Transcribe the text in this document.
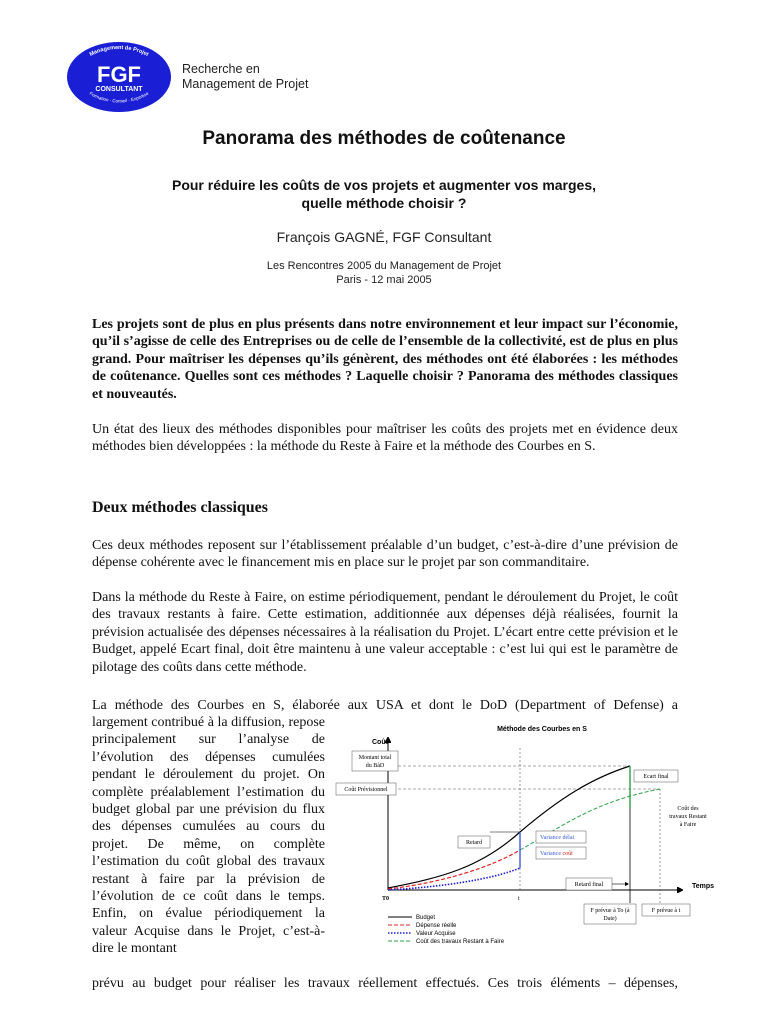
Management de Projet
Formation · Conseil · Expertise
FGF
CONSULTANT
Recherche en
Management de Projet
Panorama des méthodes de coûtenance
Pour réduire les coûts de vos projets et augmenter vos marges,
quelle méthode choisir ?
François GAGNÉ, FGF Consultant
Les Rencontres 2005 du Management de Projet
Paris - 12 mai 2005
Les projets sont de plus en plus présents dans notre environnement et leur impact sur l’économie, qu’il s’agisse de celle des Entreprises ou de celle de l’ensemble de la collectivité, est de plus en plus grand. Pour maîtriser les dépenses qu’ils génèrent, des méthodes ont été élaborées : les méthodes de coûtenance. Quelles sont ces méthodes ? Laquelle choisir ? Panorama des méthodes classiques et nouveautés.
Un état des lieux des méthodes disponibles pour maîtriser les coûts des projets met en évidence deux méthodes bien développées : la méthode du Reste à Faire et la méthode des Courbes en S.
Deux méthodes classiques
Ces deux méthodes reposent sur l’établissement préalable d’un budget, c’est-à-dire d’une prévision de dépense cohérente avec le financement mis en place sur le projet par son commanditaire.
Dans la méthode du Reste à Faire, on estime périodiquement, pendant le déroulement du Projet, le coût des travaux restants à faire. Cette estimation, additionnée aux dépenses déjà réalisées, fournit la prévision actualisée des dépenses nécessaires à la réalisation du Projet. L’écart entre cette prévision et le Budget, appelé Ecart final, doit être maintenu à une valeur acceptable : c’est lui qui est le paramètre de pilotage des coûts dans cette méthode.
La méthode des Courbes en S, élaborée aux USA et dont le DoD (Department of Defense) a
largement contribué à la diffusion, repose principalement sur l’analyse de l’évolution des dépenses cumulées pendant le déroulement du projet. On complète préalablement l’estimation du budget global par une prévision du flux des dépenses cumulées au cours du projet. De même, on complète l’estimation du coût global des travaux restant à faire par la prévision de l’évolution de ce coût dans le temps. Enfin, on évalue périodiquement la valeur Acquise dans le Projet, c’est-à-dire le montant
prévu au budget pour réaliser les travaux réellement effectués. Ces trois éléments – dépenses,
Méthode des Courbes en S
Coût
Temps
Montant total
du BàD
Coût Prévisionnel
Ecart final
Coût des
travaux Restant
à Faire
Retard
Variance délai
Variance coût
Retard final
T0	t
F prévue à To (à
Date)
F prévue à t
Budget
Dépense réelle
Valeur Acquise
Coût des travaux Restant à Faire
